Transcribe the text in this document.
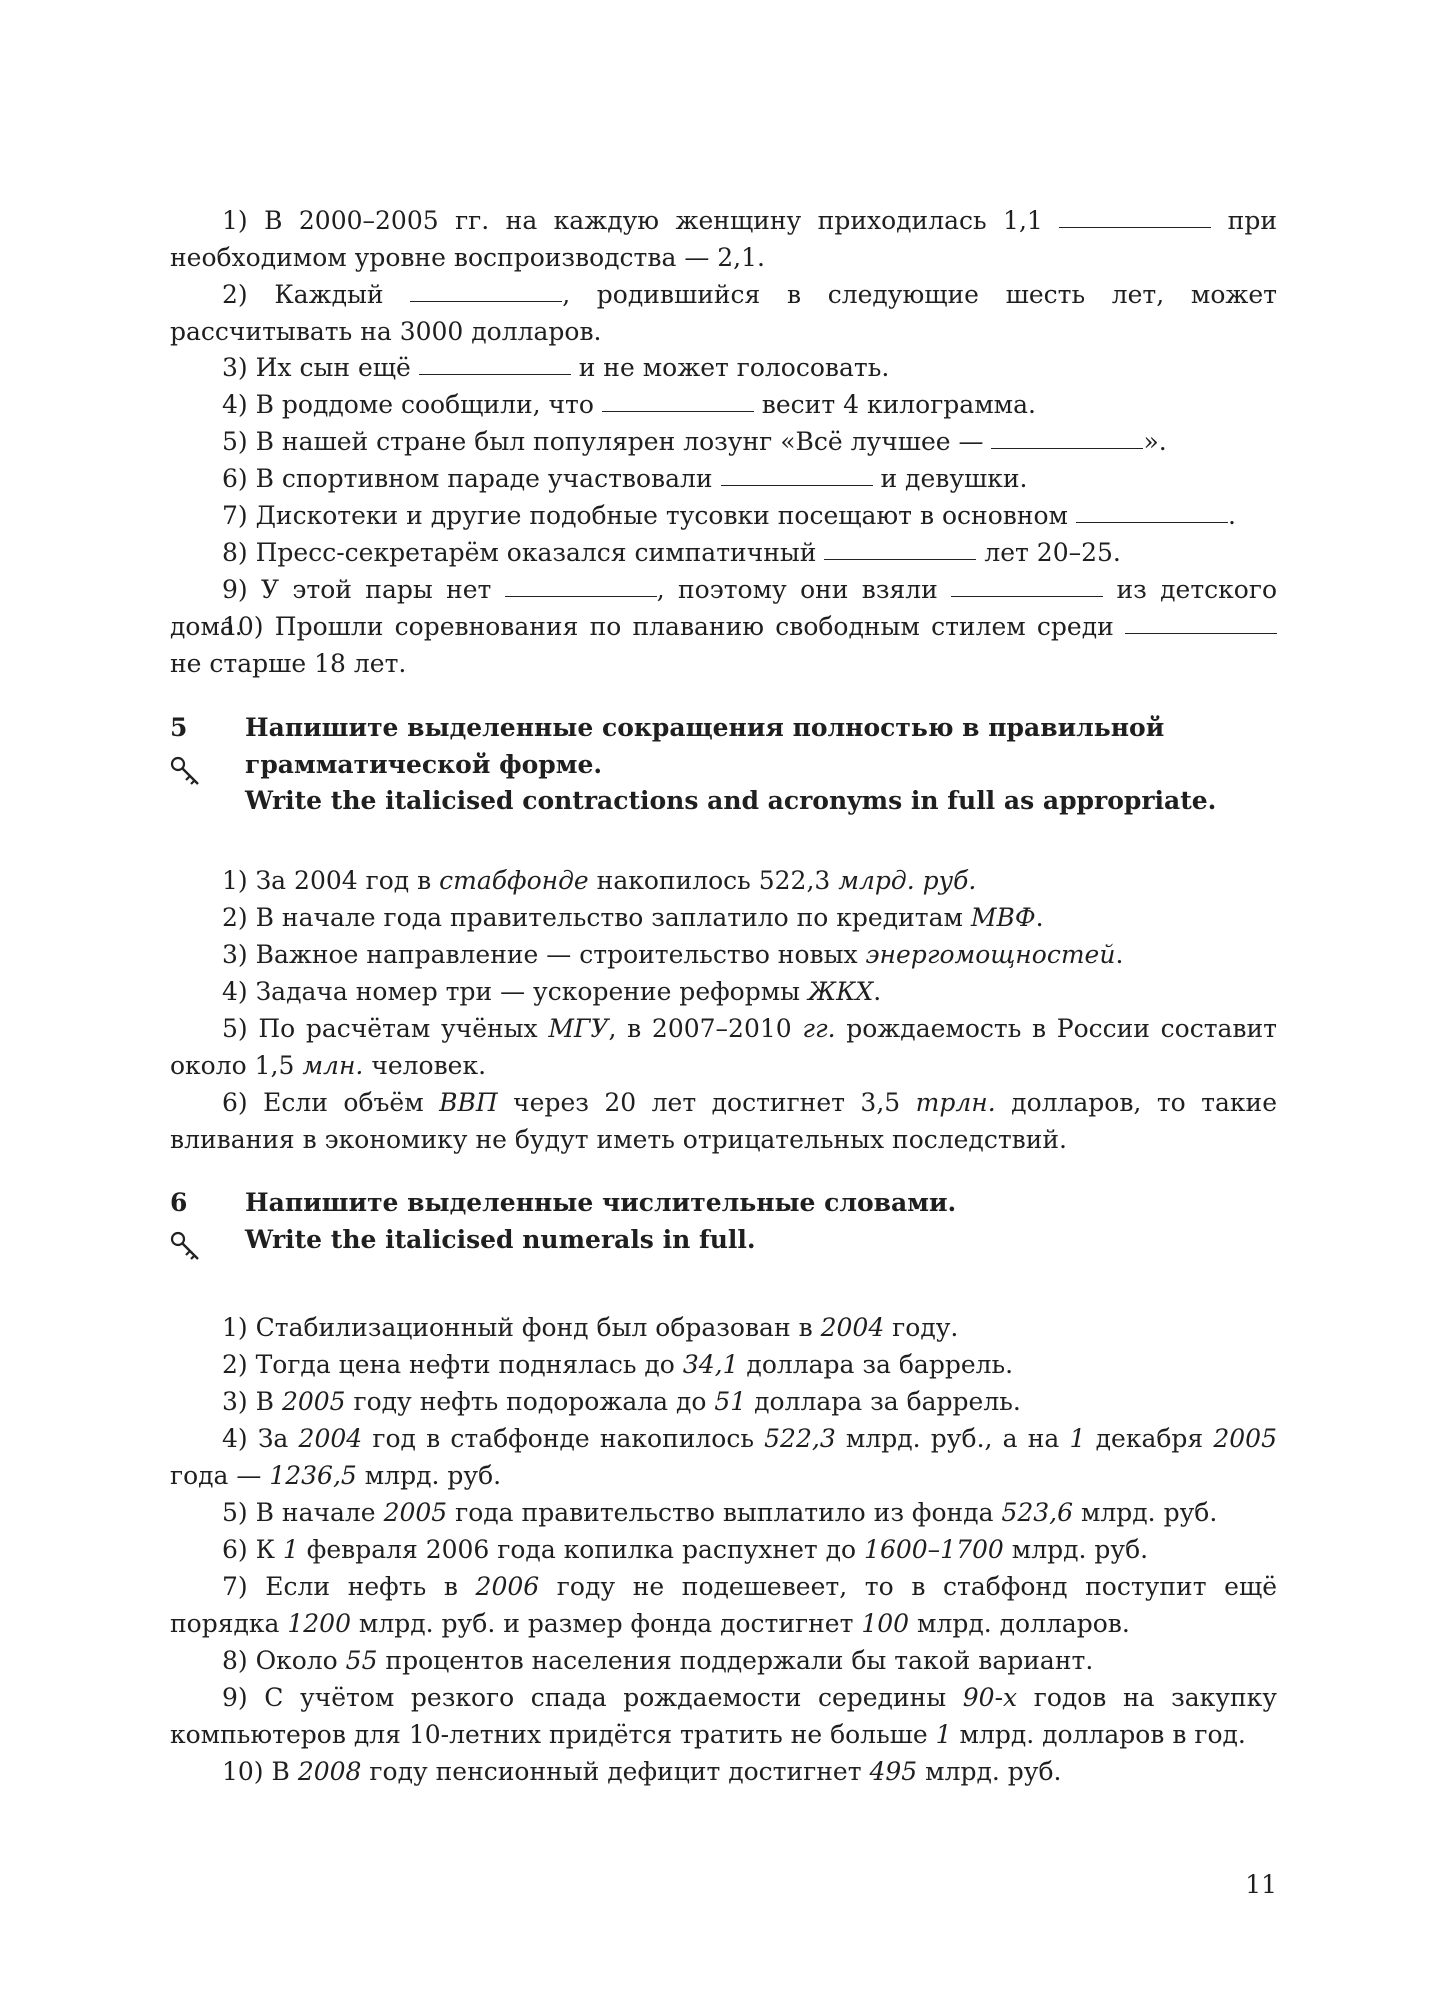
1) В 2000–2005 гг. на каждую женщину приходилась 1,1	при необходимом уровне воспроизводства — 2,1.

2) Каждый	, родившийся в следующие шесть лет, может рассчитывать на 3000 долларов.

3) Их сын ещё	и не может голосовать.

4) В роддоме сообщили, что	весит 4 килограмма.

5) В нашей стране был популярен лозунг «Всё лучшее —	».

6) В спортивном параде участвовали	и девушки.

7) Дискотеки и другие подобные тусовки посещают в основном	.

8) Пресс-секретарём оказался симпатичный	лет 20–25.

9) У этой пары нет	, поэтому они взяли	из детского дома.

10) Прошли соревнования по плаванию свободным стилем среди  не старше 18 лет.

5 Напишите выделенные сокращения полностью в правильной грамматической форме.
Write the italicised contractions and acronyms in full as appropriate.

1) За 2004 год в стабфонде накопилось 522,3 млрд. руб.

2) В начале года правительство заплатило по кредитам МВФ.

3) Важное направление — строительство новых энергомощностей.

4) Задача номер три — ускорение реформы ЖКХ.

5) По расчётам учёных МГУ, в 2007–2010 гг. рождаемость в России составит около 1,5 млн. человек.

6) Если объём ВВП через 20 лет достигнет 3,5 трлн. долларов, то такие вливания в экономику не будут иметь отрицательных последствий.

6 Напишите выделенные числительные словами.
Write the italicised numerals in full.

1) Стабилизационный фонд был образован в 2004 году.

2) Тогда цена нефти поднялась до 34,1 доллара за баррель.

3) В 2005 году нефть подорожала до 51 доллара за баррель.

4) За 2004 год в стабфонде накопилось 522,3 млрд. руб., а на 1 декабря 2005 года — 1236,5 млрд. руб.

5) В начале 2005 года правительство выплатило из фонда 523,6 млрд. руб.

6) К 1 февраля 2006 года копилка распухнет до 1600–1700 млрд. руб.

7) Если нефть в 2006 году не подешевеет, то в стабфонд поступит ещё порядка 1200 млрд. руб. и размер фонда достигнет 100 млрд. долларов.

8) Около 55 процентов населения поддержали бы такой вариант.

9) С учётом резкого спада рождаемости середины 90-х годов на закупку компьютеров для 10-летних придётся тратить не больше 1 млрд. долларов в год.

10) В 2008 году пенсионный дефицит достигнет 495 млрд. руб.

11
